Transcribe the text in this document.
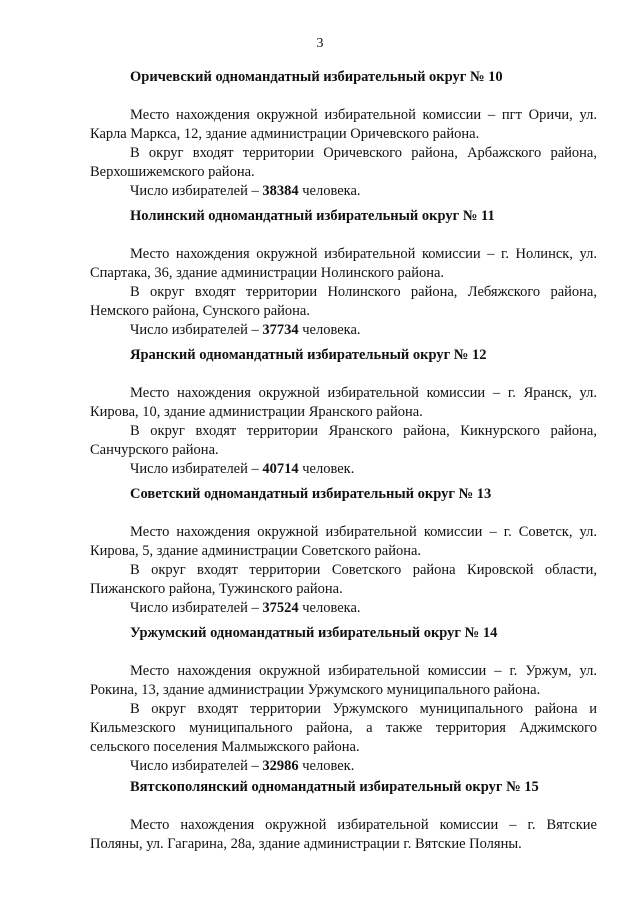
3
Оричевский одномандатный избирательный округ № 10

Место нахождения окружной избирательной комиссии – пгт Оричи, ул. Карла Маркса, 12, здание администрации Оричевского района.

В округ входят территории Оричевского района, Арбажского района, Верхошижемского района.

Число избирателей – 38384 человека.

Нолинский одномандатный избирательный округ № 11

Место нахождения окружной избирательной комиссии – г. Нолинск, ул. Спартака, 36, здание администрации Нолинского района.

В округ входят территории Нолинского района, Лебяжского района, Немского района, Сунского района.

Число избирателей – 37734 человека.

Яранский одномандатный избирательный округ № 12

Место нахождения окружной избирательной комиссии – г. Яранск, ул. Кирова, 10, здание администрации Яранского района.

В округ входят территории Яранского района, Кикнурского района, Санчурского района.

Число избирателей – 40714 человек.

Советский одномандатный избирательный округ № 13

Место нахождения окружной избирательной комиссии – г. Советск, ул. Кирова, 5, здание администрации Советского района.

В округ входят территории Советского района Кировской области, Пижанского района, Тужинского района.

Число избирателей – 37524 человека.

Уржумский одномандатный избирательный округ № 14

Место нахождения окружной избирательной комиссии – г. Уржум, ул. Рокина, 13, здание администрации Уржумского муниципального района.

В округ входят территории Уржумского муниципального района и Кильмезского муниципального района, а также территория Аджимского сельского поселения Малмыжского района.

Число избирателей – 32986 человек.

Вятскополянский одномандатный избирательный округ № 15

Место нахождения окружной избирательной комиссии – г. Вятские Поляны, ул. Гагарина, 28а, здание администрации г. Вятские Поляны.
